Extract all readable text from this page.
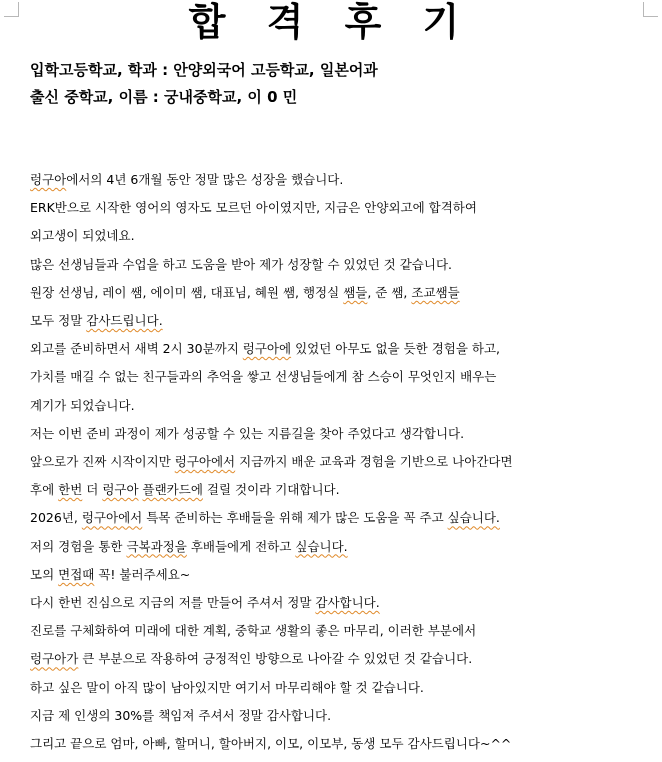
합 격 후 기
입학고등학교, 학과 : 안양외국어 고등학교, 일본어과
출신 중학교, 이름 : 궁내중학교, 이 0 민
렁구아에서의 4년 6개월 동안 정말 많은 성장을 했습니다.
ERK반으로 시작한 영어의 영자도 모르던 아이였지만, 지금은 안양외고에 합격하여
외고생이 되었네요.
많은 선생님들과 수업을 하고 도움을 받아 제가 성장할 수 있었던 것 같습니다.
원장 선생님, 레이 쌤, 에이미 쌤, 대표님, 혜원 쌤, 행정실 쌤들, 준 쌤, 조교쌤들
모두 정말 감사드립니다.
외고를 준비하면서 새벽 2시 30분까지 렁구아에 있었던 아무도 없을 듯한 경험을 하고,
가치를 매길 수 없는 친구들과의 추억을 쌓고 선생님들에게 참 스승이 무엇인지 배우는
계기가 되었습니다.
저는 이번 준비 과정이 제가 성공할 수 있는 지름길을 찾아 주었다고 생각합니다.
앞으로가 진짜 시작이지만 렁구아에서 지금까지 배운 교육과 경험을 기반으로 나아간다면
후에 한번 더 렁구아 플랜카드에 걸릴 것이라 기대합니다.
2026년, 렁구아에서 특목 준비하는 후배들을 위해 제가 많은 도움을 꼭 주고 싶습니다.
저의 경험을 통한 극복과정을 후배들에게 전하고 싶습니다.
모의 면접때 꼭! 불러주세요~
다시 한번 진심으로 지금의 저를 만들어 주셔서 정말 감사합니다.
진로를 구체화하여 미래에 대한 계획, 중학교 생활의 좋은 마무리, 이러한 부분에서
렁구아가 큰 부분으로 작용하여 긍정적인 방향으로 나아갈 수 있었던 것 같습니다.
하고 싶은 말이 아직 많이 남아있지만 여기서 마무리해야 할 것 같습니다.
지금 제 인생의 30%를 책임져 주셔서 정말 감사합니다.
그리고 끝으로 엄마, 아빠, 할머니, 할아버지, 이모, 이모부, 동생 모두 감사드립니다~^^
